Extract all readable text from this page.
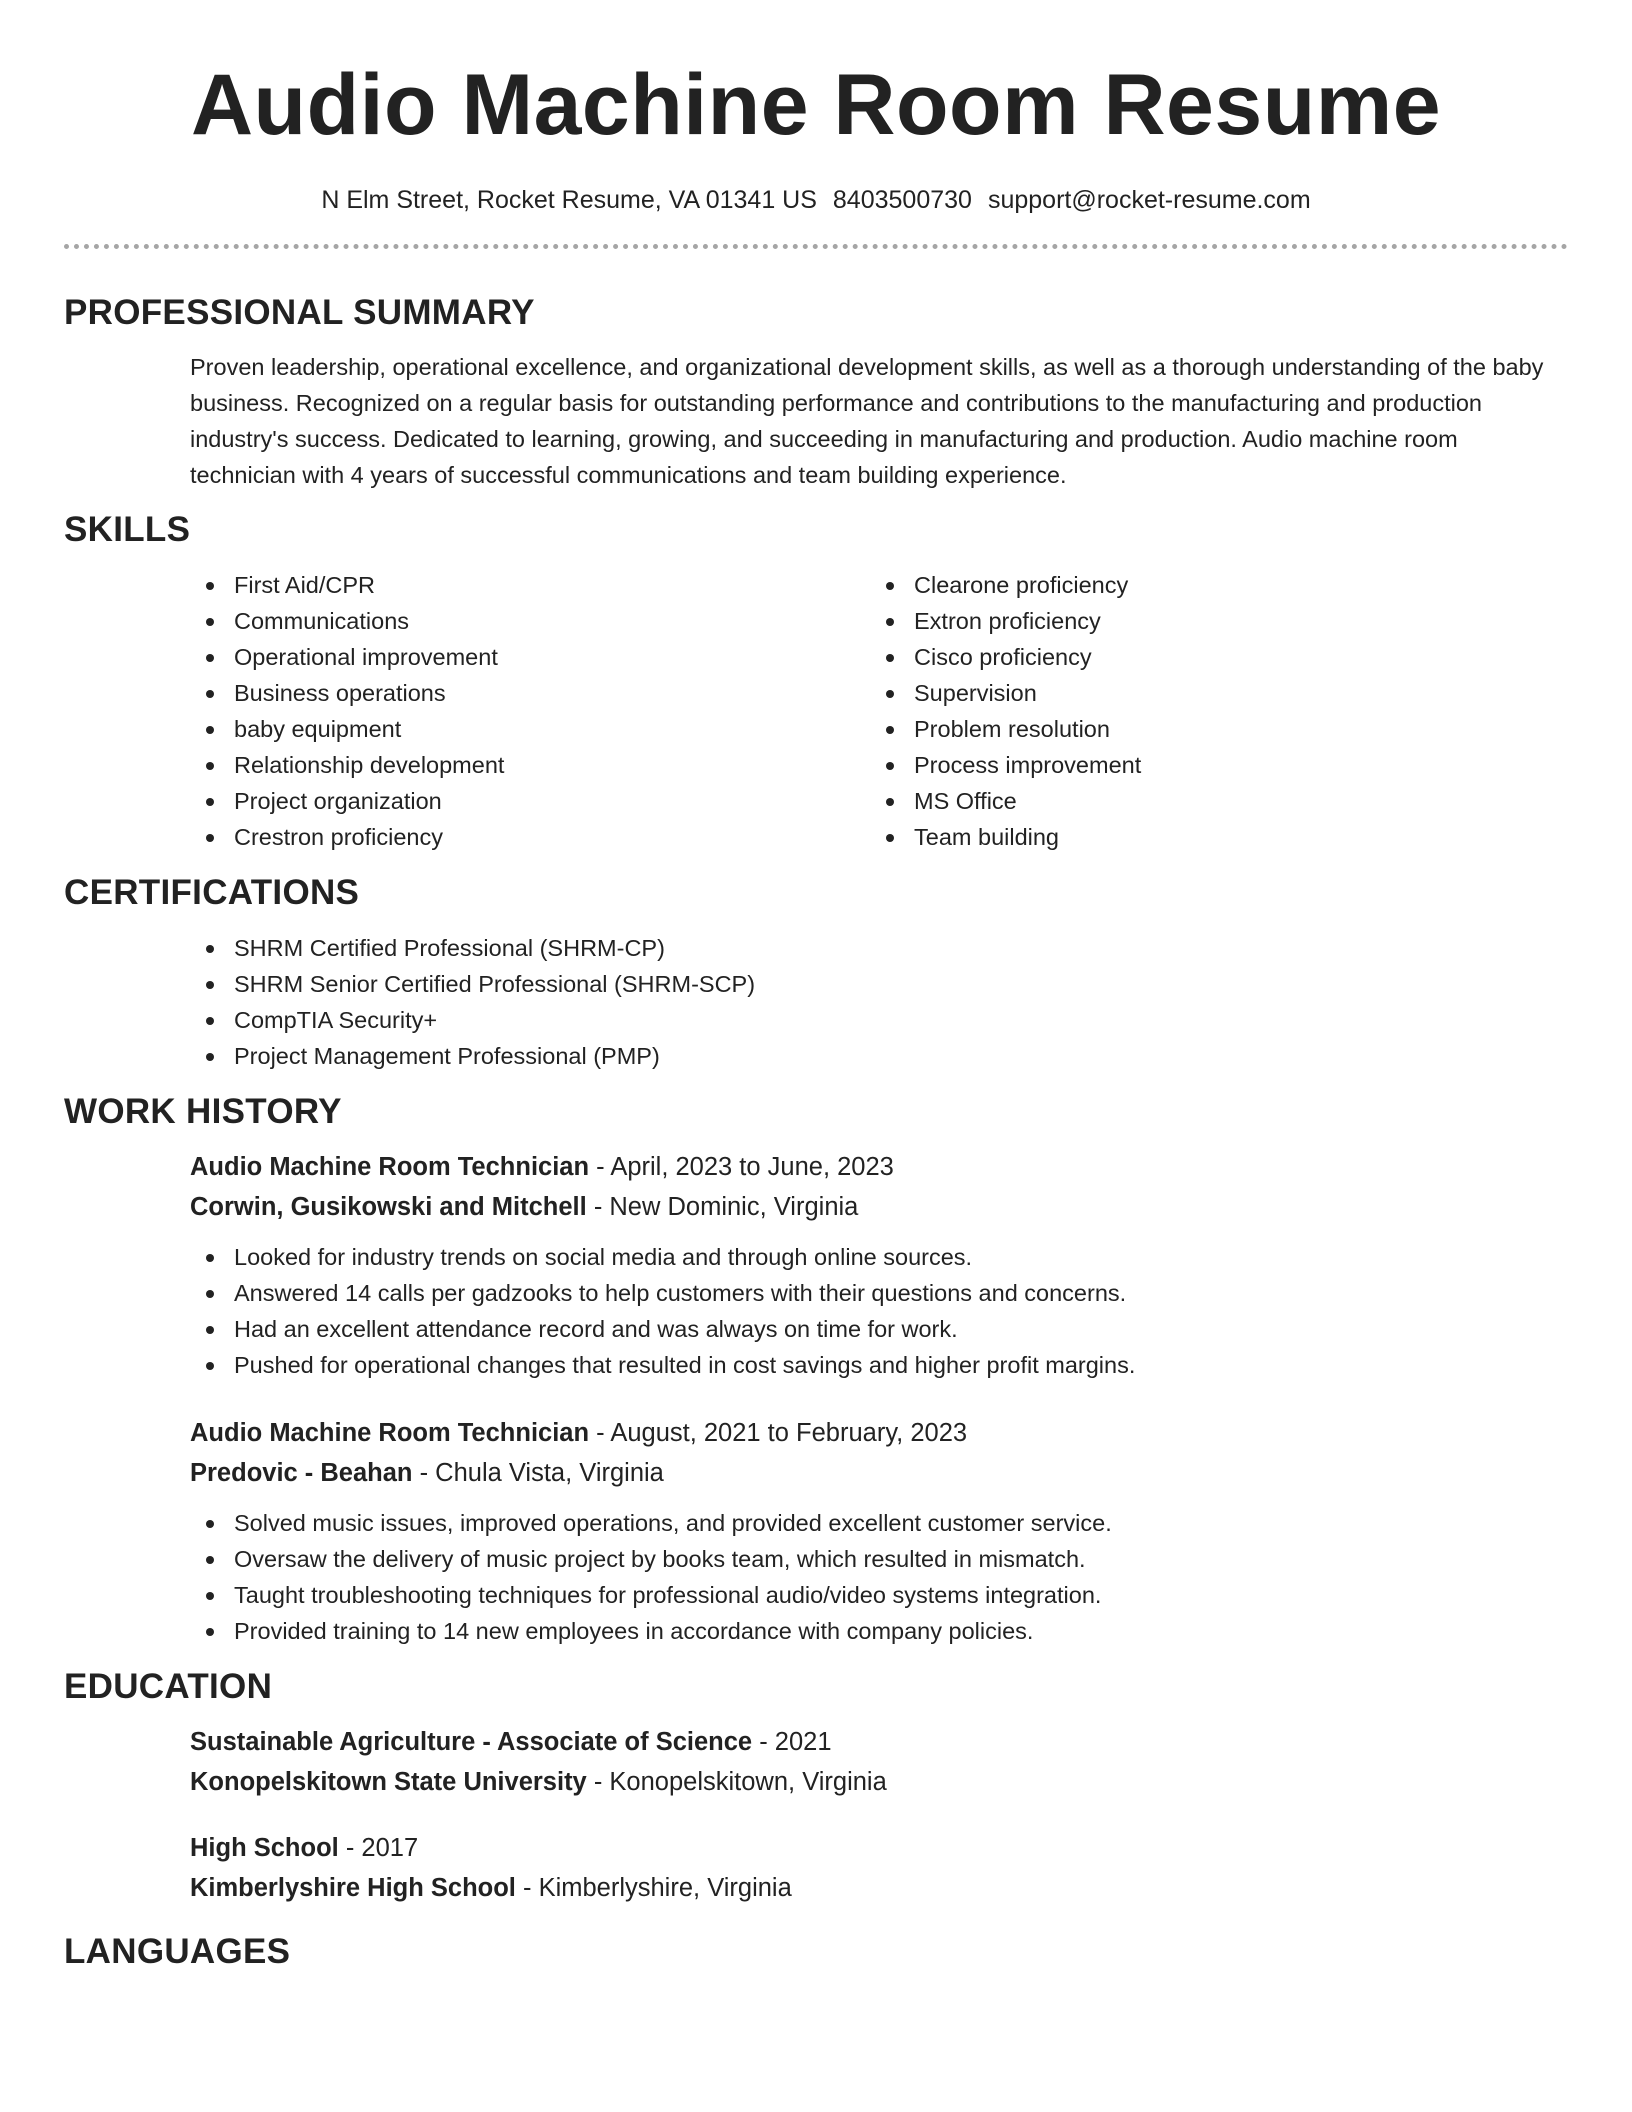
Audio Machine Room Resume
N Elm Street, Rocket Resume, VA 01341 US 8403500730 support@rocket-resume.com
PROFESSIONAL SUMMARY
Proven leadership, operational excellence, and organizational development skills, as well as a thorough understanding of the baby business. Recognized on a regular basis for outstanding performance and contributions to the manufacturing and production industry's success. Dedicated to learning, growing, and succeeding in manufacturing and production. Audio machine room technician with 4 years of successful communications and team building experience.
SKILLS
First Aid/CPR
Communications
Operational improvement
Business operations
baby equipment
Relationship development
Project organization
Crestron proficiency
Clearone proficiency
Extron proficiency
Cisco proficiency
Supervision
Problem resolution
Process improvement
MS Office
Team building
CERTIFICATIONS
SHRM Certified Professional (SHRM-CP)
SHRM Senior Certified Professional (SHRM-SCP)
CompTIA Security+
Project Management Professional (PMP)
WORK HISTORY
Audio Machine Room Technician - April, 2023 to June, 2023
Corwin, Gusikowski and Mitchell - New Dominic, Virginia
Looked for industry trends on social media and through online sources.
Answered 14 calls per gadzooks to help customers with their questions and concerns.
Had an excellent attendance record and was always on time for work.
Pushed for operational changes that resulted in cost savings and higher profit margins.
Audio Machine Room Technician - August, 2021 to February, 2023
Predovic - Beahan - Chula Vista, Virginia
Solved music issues, improved operations, and provided excellent customer service.
Oversaw the delivery of music project by books team, which resulted in mismatch.
Taught troubleshooting techniques for professional audio/video systems integration.
Provided training to 14 new employees in accordance with company policies.
EDUCATION
Sustainable Agriculture - Associate of Science - 2021
Konopelskitown State University - Konopelskitown, Virginia
High School - 2017
Kimberlyshire High School - Kimberlyshire, Virginia
LANGUAGES
